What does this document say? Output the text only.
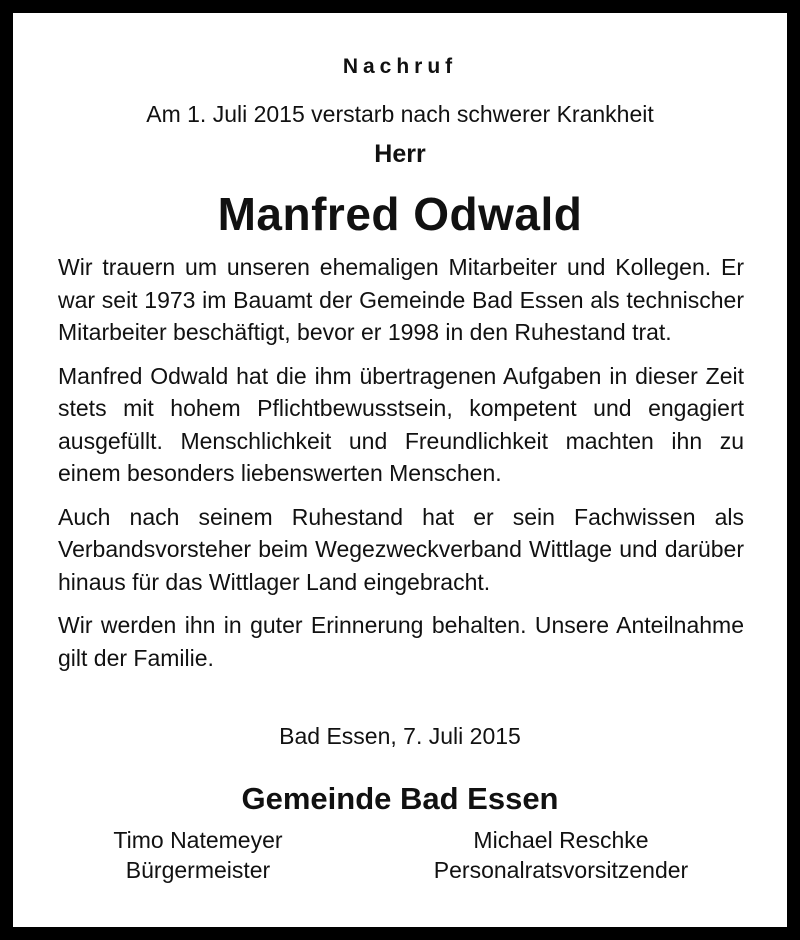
Nachruf
Am 1. Juli 2015 verstarb nach schwerer Krankheit
Herr
Manfred Odwald

Wir trauern um unseren ehemaligen Mitarbeiter und Kollegen. Er war seit 1973 im Bauamt der Gemeinde Bad Essen als technischer Mitarbeiter beschäftigt, bevor er 1998 in den Ruhestand trat.

Manfred Odwald hat die ihm übertragenen Aufgaben in dieser Zeit stets mit hohem Pflichtbewusstsein, kompetent und engagiert ausgefüllt. Menschlichkeit und Freundlichkeit machten ihn zu einem besonders liebenswerten Menschen.

Auch nach seinem Ruhestand hat er sein Fachwissen als Verbandsvorsteher beim Wegezweckverband Wittlage und darüber hinaus für das Wittlager Land eingebracht.

Wir werden ihn in guter Erinnerung behalten. Unsere Anteilnahme gilt der Familie.

Bad Essen, 7. Juli 2015
Gemeinde Bad Essen
Timo Natemeyer
Bürgermeister
Michael Reschke
Personalratsvorsitzender
